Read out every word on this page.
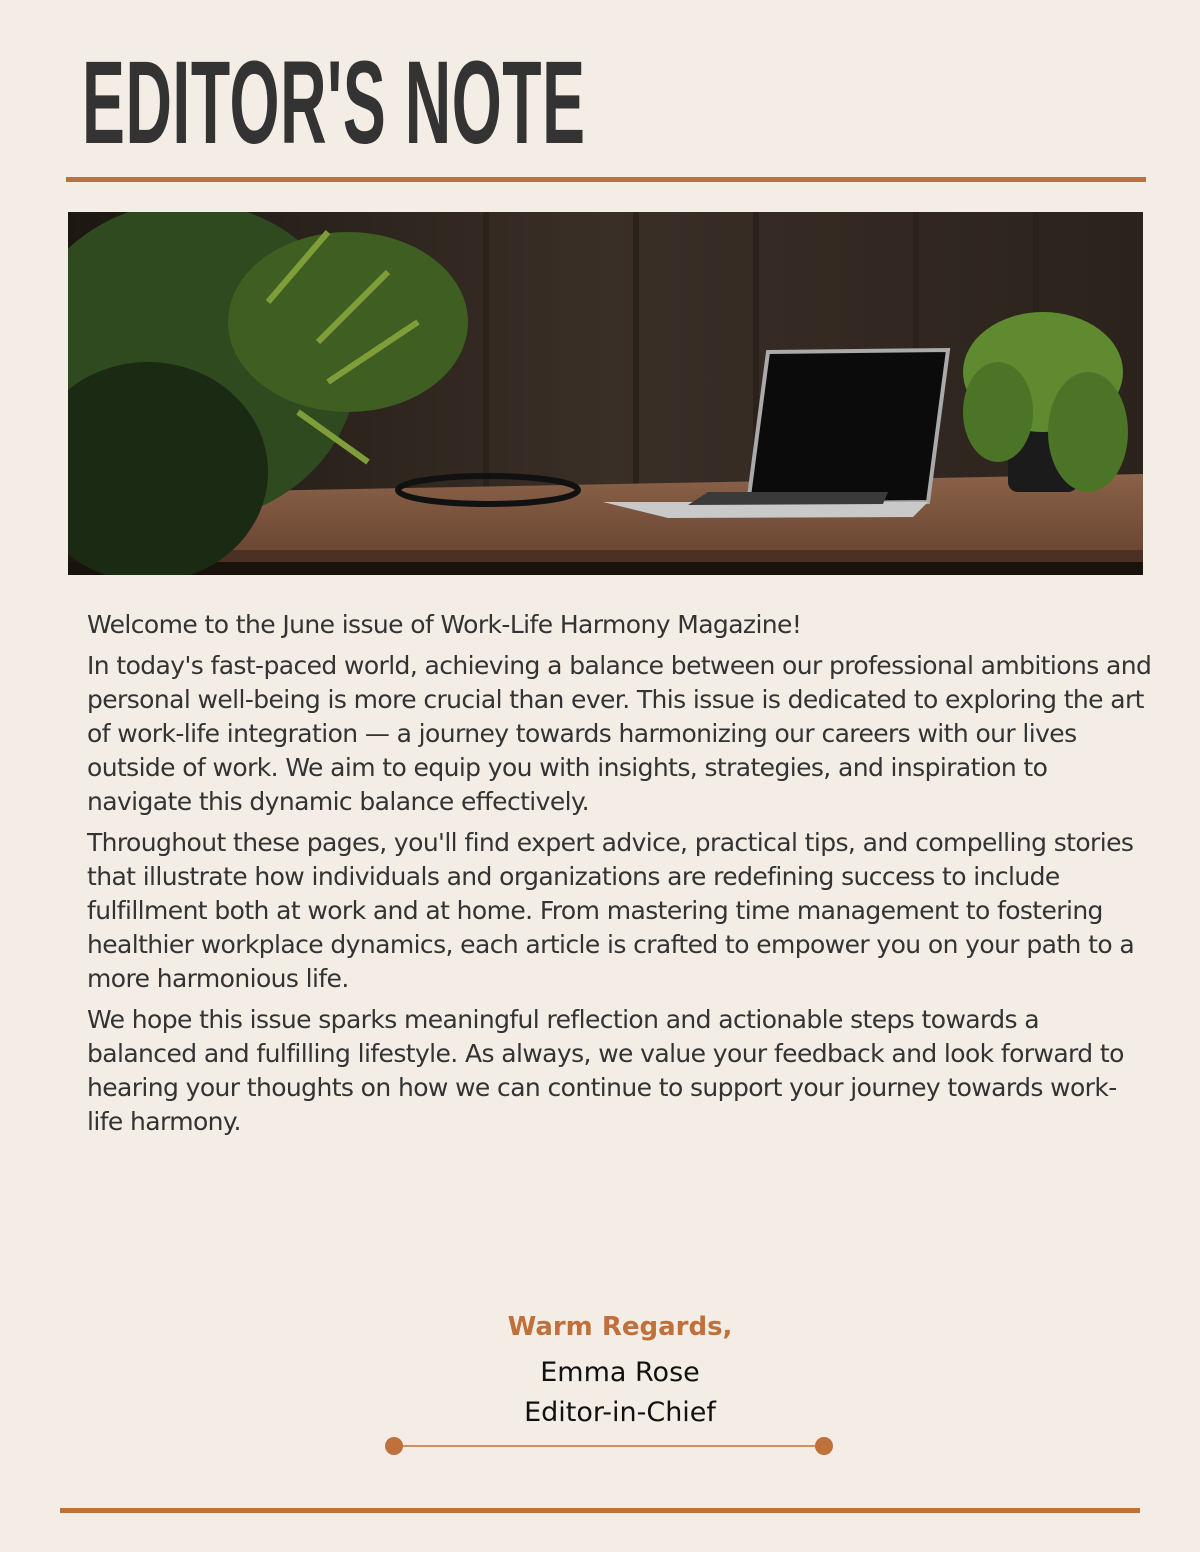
EDITOR'S NOTE

Welcome to the June issue of Work-Life Harmony Magazine!

In today's fast-paced world, achieving a balance between our professional ambitions and personal well-being is more crucial than ever. This issue is dedicated to exploring the art of work-life integration — a journey towards harmonizing our careers with our lives outside of work. We aim to equip you with insights, strategies, and inspiration to navigate this dynamic balance effectively.

Throughout these pages, you'll find expert advice, practical tips, and compelling stories that illustrate how individuals and organizations are redefining success to include fulfillment both at work and at home. From mastering time management to fostering healthier workplace dynamics, each article is crafted to empower you on your path to a more harmonious life.

We hope this issue sparks meaningful reflection and actionable steps towards a balanced and fulfilling lifestyle. As always, we value your feedback and look forward to hearing your thoughts on how we can continue to support your journey towards work-life harmony.

Warm Regards,
Emma Rose
Editor-in-Chief
